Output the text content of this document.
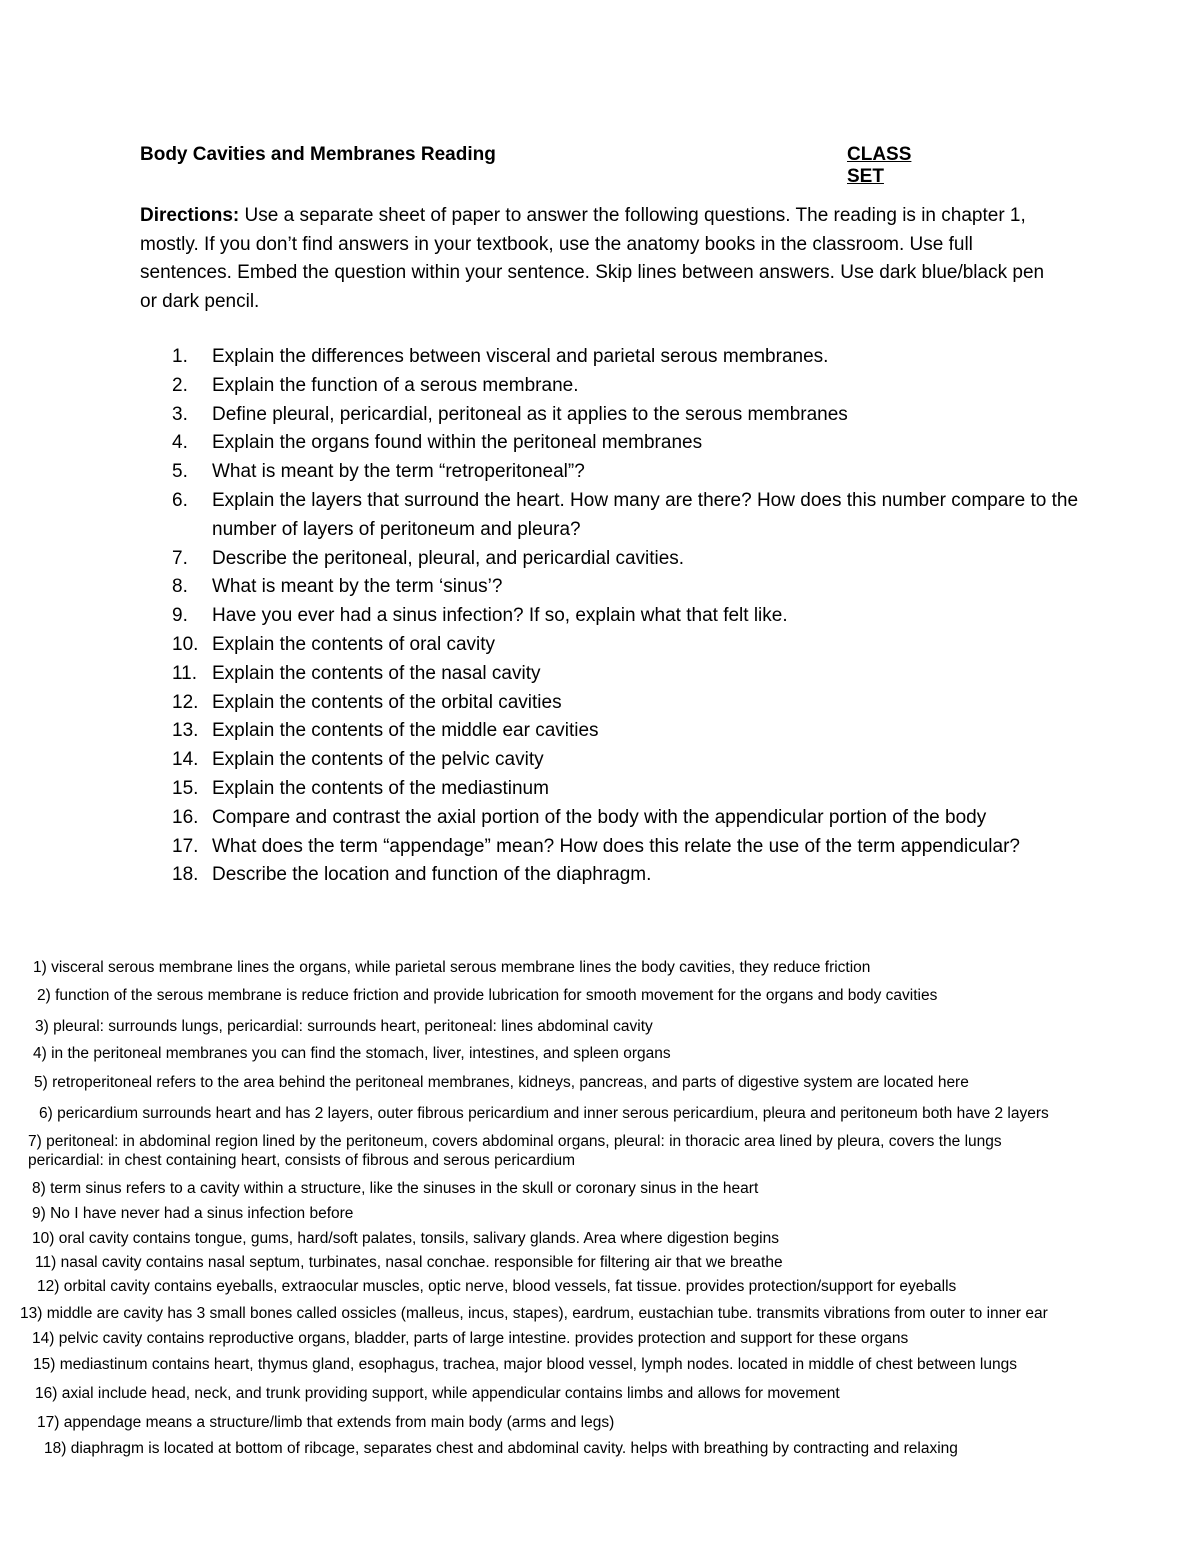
Body Cavities and Membranes Reading	CLASS SET
Directions: Use a separate sheet of paper to answer the following questions. The reading is in chapter 1, mostly. If you don’t find answers in your textbook, use the anatomy books in the classroom. Use full sentences. Embed the question within your sentence. Skip lines between answers. Use dark blue/black pen or dark pencil.
1. Explain the differences between visceral and parietal serous membranes.
2. Explain the function of a serous membrane.
3. Define pleural, pericardial, peritoneal as it applies to the serous membranes
4. Explain the organs found within the peritoneal membranes
5. What is meant by the term “retroperitoneal”?
6. Explain the layers that surround the heart. How many are there? How does this number compare to the number of layers of peritoneum and pleura?
7. Describe the peritoneal, pleural, and pericardial cavities.
8. What is meant by the term ‘sinus’?
9. Have you ever had a sinus infection? If so, explain what that felt like.
10. Explain the contents of oral cavity
11. Explain the contents of the nasal cavity
12. Explain the contents of the orbital cavities
13. Explain the contents of the middle ear cavities
14. Explain the contents of the pelvic cavity
15. Explain the contents of the mediastinum
16. Compare and contrast the axial portion of the body with the appendicular portion of the body
17. What does the term “appendage” mean? How does this relate the use of the term appendicular?
18. Describe the location and function of the diaphragm.
1) visceral serous membrane lines the organs, while parietal serous membrane lines the body cavities, they reduce friction
2) function of the serous membrane is reduce friction and provide lubrication for smooth movement for the organs and body cavities
3) pleural: surrounds lungs, pericardial: surrounds heart, peritoneal: lines abdominal cavity
4) in the peritoneal membranes you can find the stomach, liver, intestines, and spleen organs
5) retroperitoneal refers to the area behind the peritoneal membranes, kidneys, pancreas, and parts of digestive system are located here
6) pericardium surrounds heart and has 2 layers, outer fibrous pericardium and inner serous pericardium, pleura and peritoneum both have 2 layers
7) peritoneal: in abdominal region lined by the peritoneum, covers abdominal organs, pleural: in thoracic area lined by pleura, covers the lungs
pericardial: in chest containing heart, consists of fibrous and serous pericardium
8) term sinus refers to a cavity within a structure, like the sinuses in the skull or coronary sinus in the heart
9) No I have never had a sinus infection before
10) oral cavity contains tongue, gums, hard/soft palates, tonsils, salivary glands. Area where digestion begins
11) nasal cavity contains nasal septum, turbinates, nasal conchae. responsible for filtering air that we breathe
12) orbital cavity contains eyeballs, extraocular muscles, optic nerve, blood vessels, fat tissue. provides protection/support for eyeballs
13) middle are cavity has 3 small bones called ossicles (malleus, incus, stapes), eardrum, eustachian tube. transmits vibrations from outer to inner ear
14) pelvic cavity contains reproductive organs, bladder, parts of large intestine. provides protection and support for these organs
15) mediastinum contains heart, thymus gland, esophagus, trachea, major blood vessel, lymph nodes. located in middle of chest between lungs
16) axial include head, neck, and trunk providing support, while appendicular contains limbs and allows for movement
17) appendage means a structure/limb that extends from main body (arms and legs)
18) diaphragm is located at bottom of ribcage, separates chest and abdominal cavity. helps with breathing by contracting and relaxing
